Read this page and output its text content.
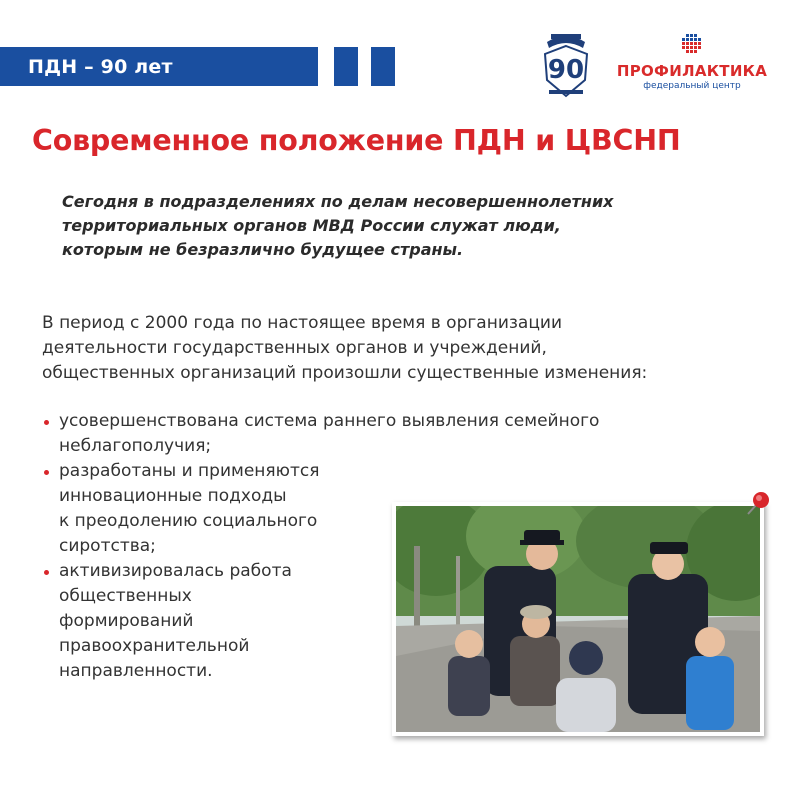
ПДН – 90 лет	90	ПРОФИЛАКТИКА
федеральный центр
Современное положение ПДН и ЦВСНП
Сегодня в подразделениях по делам несовершеннолетних
территориальных органов МВД России служат люди,
которым не безразлично будущее страны.
В период с 2000 года по настоящее время в организации
деятельности государственных органов и учреждений,
общественных организаций произошли существенные изменения:
усовершенствована система раннего выявления семейного
неблагополучия;
разработаны и применяются
инновационные подходы
к преодолению социального
сиротства;
активизировалась работа
общественных
формирований
правоохранительной
направленности.
